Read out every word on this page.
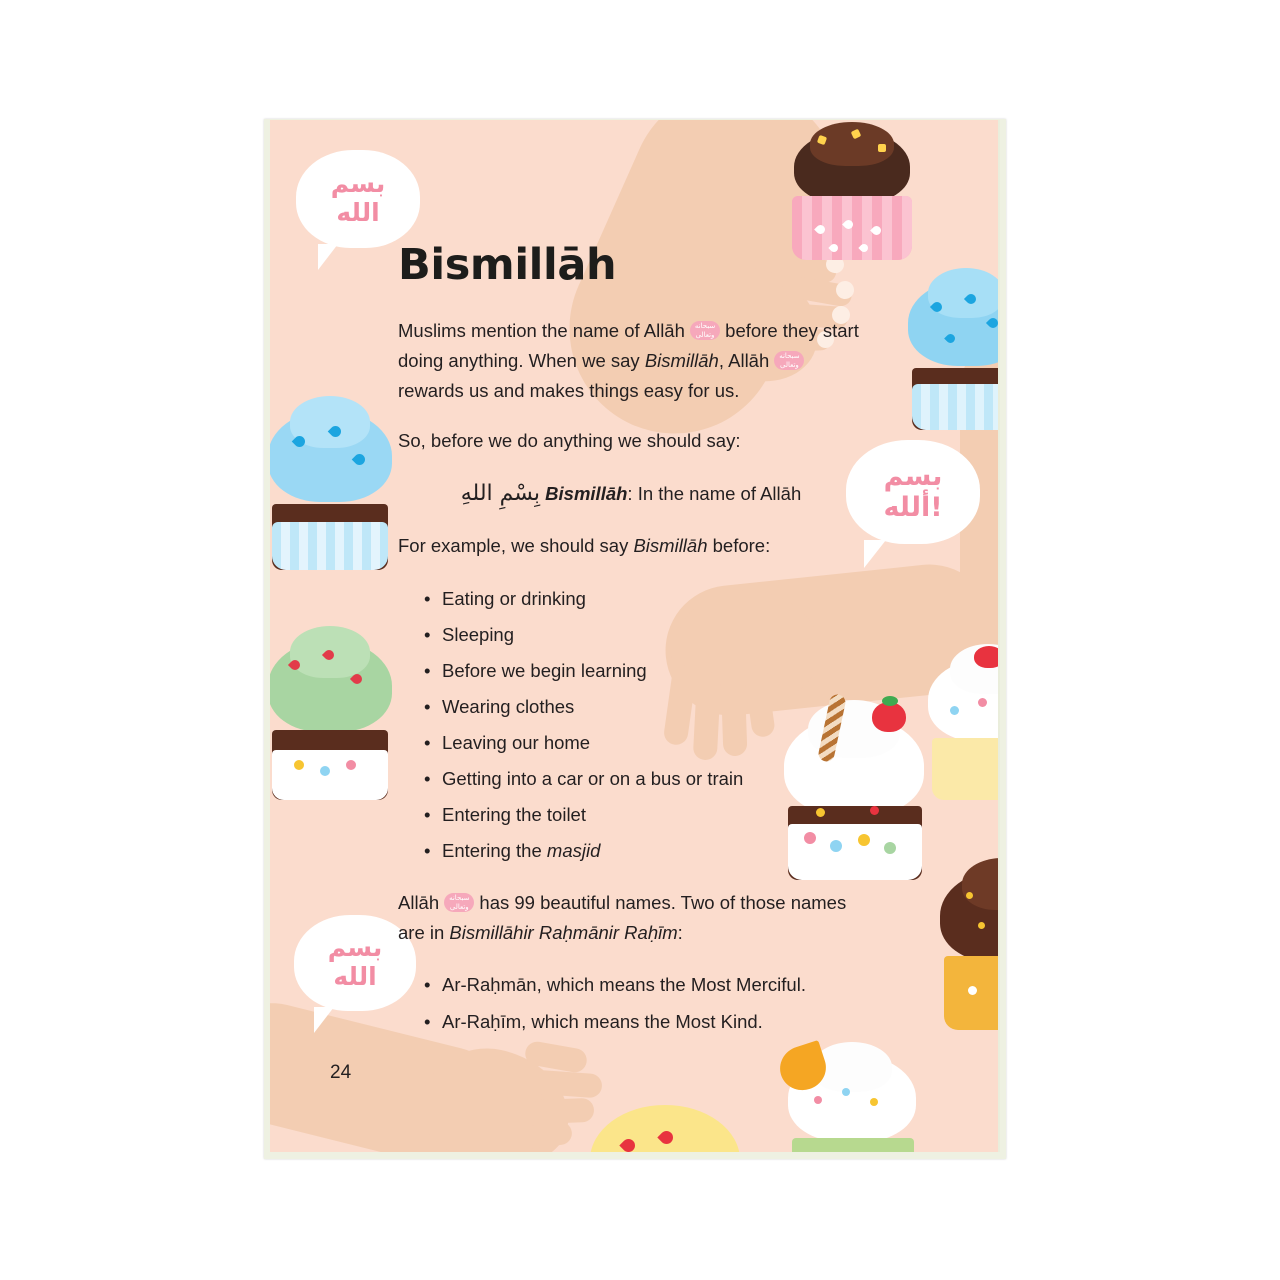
بسم
الله
بسم
ألله!
بسم
الله
Bismillāh

Muslims mention the name of Allāh سبحانه وتعالى before they start doing anything. When we say Bismillāh, Allāh سبحانه وتعالى rewards us and makes things easy for us.

So, before we do anything we should say:

بِسْمِ اللهِ Bismillāh: In the name of Allāh

For example, we should say Bismillāh before:

• Eating or drinking
• Sleeping
• Before we begin learning
• Wearing clothes
• Leaving our home
• Getting into a car or on a bus or train
• Entering the toilet
• Entering the masjid

Allāh سبحانه وتعالى has 99 beautiful names. Two of those names are in Bismillāhir Raḥmānir Raḥīm:

• Ar-Raḥmān, which means the Most Merciful.
• Ar-Raḥīm, which means the Most Kind.
24
